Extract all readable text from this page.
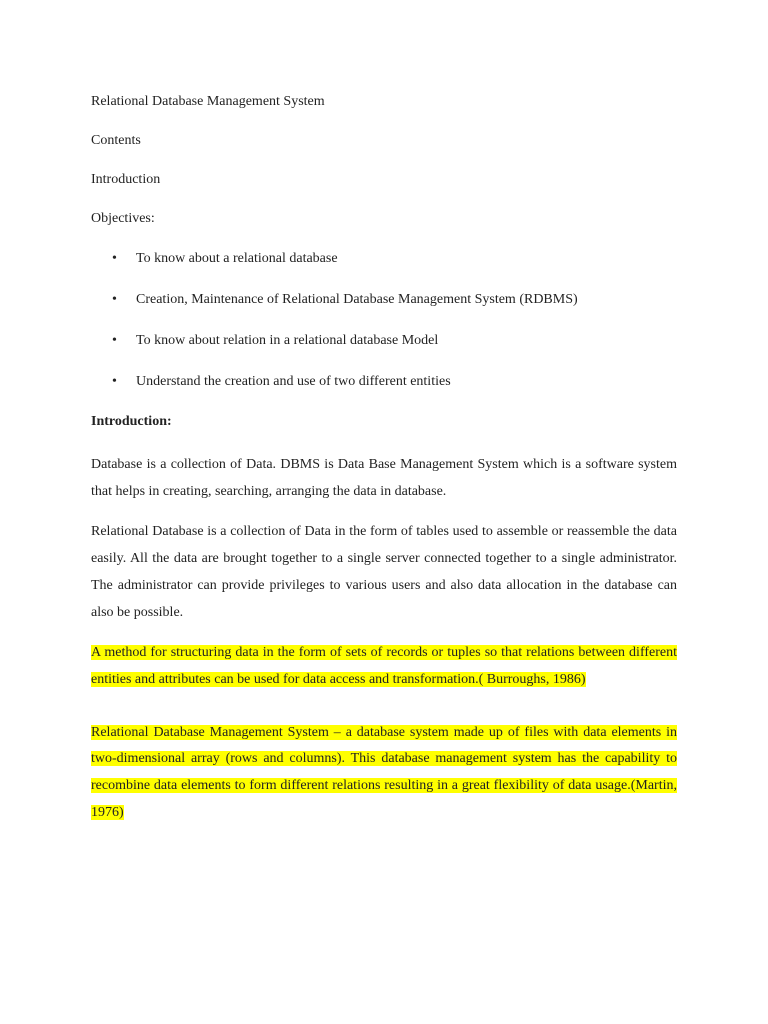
Relational Database Management System

Contents

Introduction

Objectives:

• To know about a relational database
• Creation, Maintenance of Relational Database Management System (RDBMS)
• To know about relation in a relational database Model
• Understand the creation and use of two different entities

Introduction:

Database is a collection of Data. DBMS is Data Base Management System which is a software system that helps in creating, searching, arranging the data in database.

Relational Database is a collection of Data in the form of tables used to assemble or reassemble the data easily. All the data are brought together to a single server connected together to a single administrator. The administrator can provide privileges to various users and also data allocation in the database can also be possible.

A method for structuring data in the form of sets of records or tuples so that relations between different entities and attributes can be used for data access and transformation.( Burroughs, 1986)

Relational Database Management System – a database system made up of files with data elements in two-dimensional array (rows and columns). This database management system has the capability to recombine data elements to form different relations resulting in a great flexibility of data usage.(Martin, 1976)
